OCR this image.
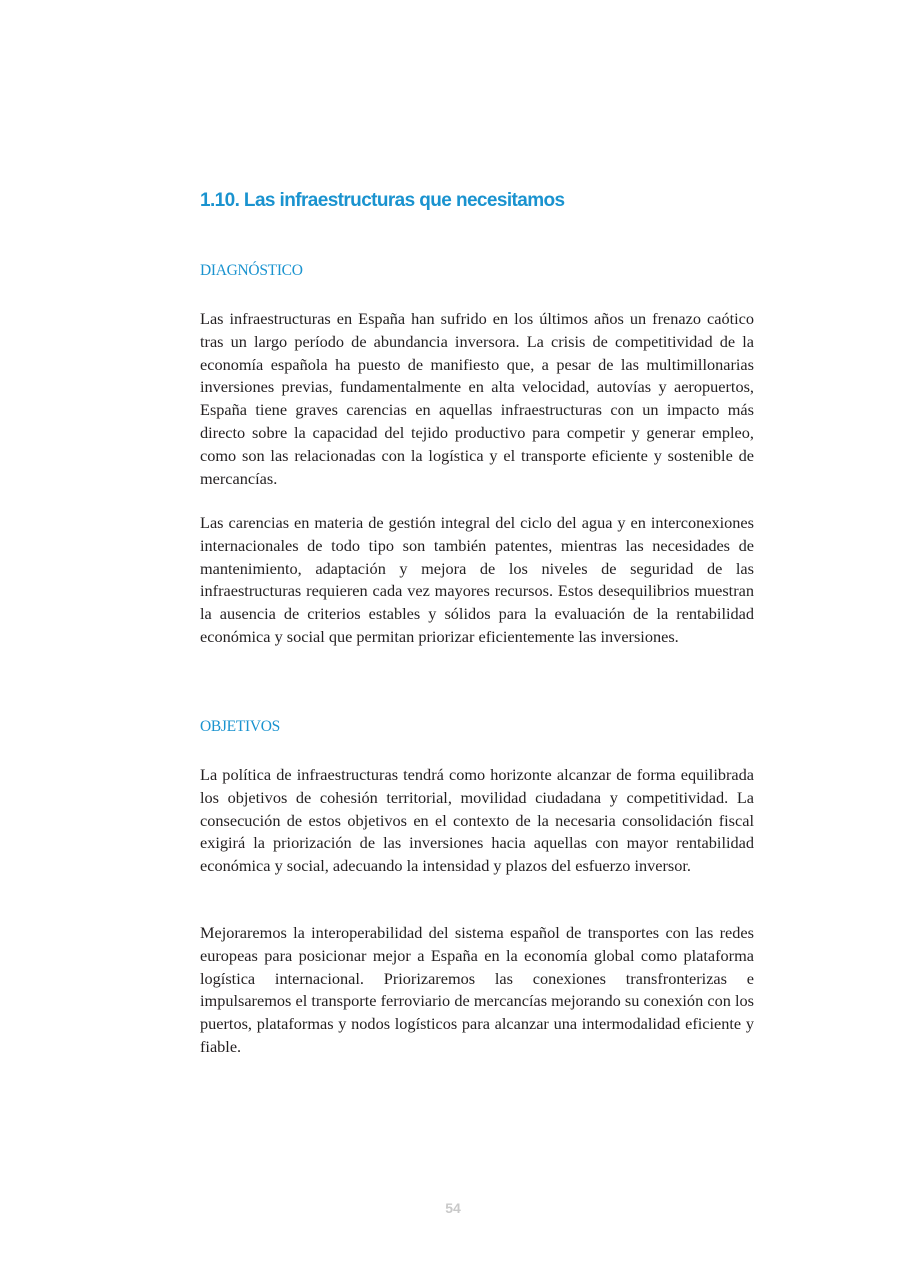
1.10. Las infraestructuras que necesitamos
DIAGNÓSTICO

Las infraestructuras en España han sufrido en los últimos años un frenazo caótico tras un largo período de abundancia inversora. La crisis de competitividad de la economía española ha puesto de manifiesto que, a pesar de las multimillonarias inversiones previas, fundamentalmente en alta velocidad, autovías y aeropuertos, España tiene graves carencias en aquellas infraestructuras con un impacto más directo sobre la capacidad del tejido productivo para competir y generar empleo, como son las relacionadas con la logística y el transporte eficiente y sostenible de mercancías.

Las carencias en materia de gestión integral del ciclo del agua y en interconexiones internacionales de todo tipo son también patentes, mientras las necesidades de mantenimiento, adaptación y mejora de los niveles de seguridad de las infraestructuras requieren cada vez mayores recursos. Estos desequilibrios muestran la ausencia de criterios estables y sólidos para la evaluación de la rentabilidad económica y social que permitan priorizar eficientemente las inversiones.

OBJETIVOS

La política de infraestructuras tendrá como horizonte alcanzar de forma equilibrada los objetivos de cohesión territorial, movilidad ciudadana y competitividad. La consecución de estos objetivos en el contexto de la necesaria consolidación fiscal exigirá la priorización de las inversiones hacia aquellas con mayor rentabilidad económica y social, adecuando la intensidad y plazos del esfuerzo inversor.

Mejoraremos la interoperabilidad del sistema español de transportes con las redes europeas para posicionar mejor a España en la economía global como plataforma logística internacional. Priorizaremos las conexiones transfronterizas e impulsaremos el transporte ferroviario de mercancías mejorando su conexión con los puertos, plataformas y nodos logísticos para alcanzar una intermodalidad eficiente y fiable.

54
